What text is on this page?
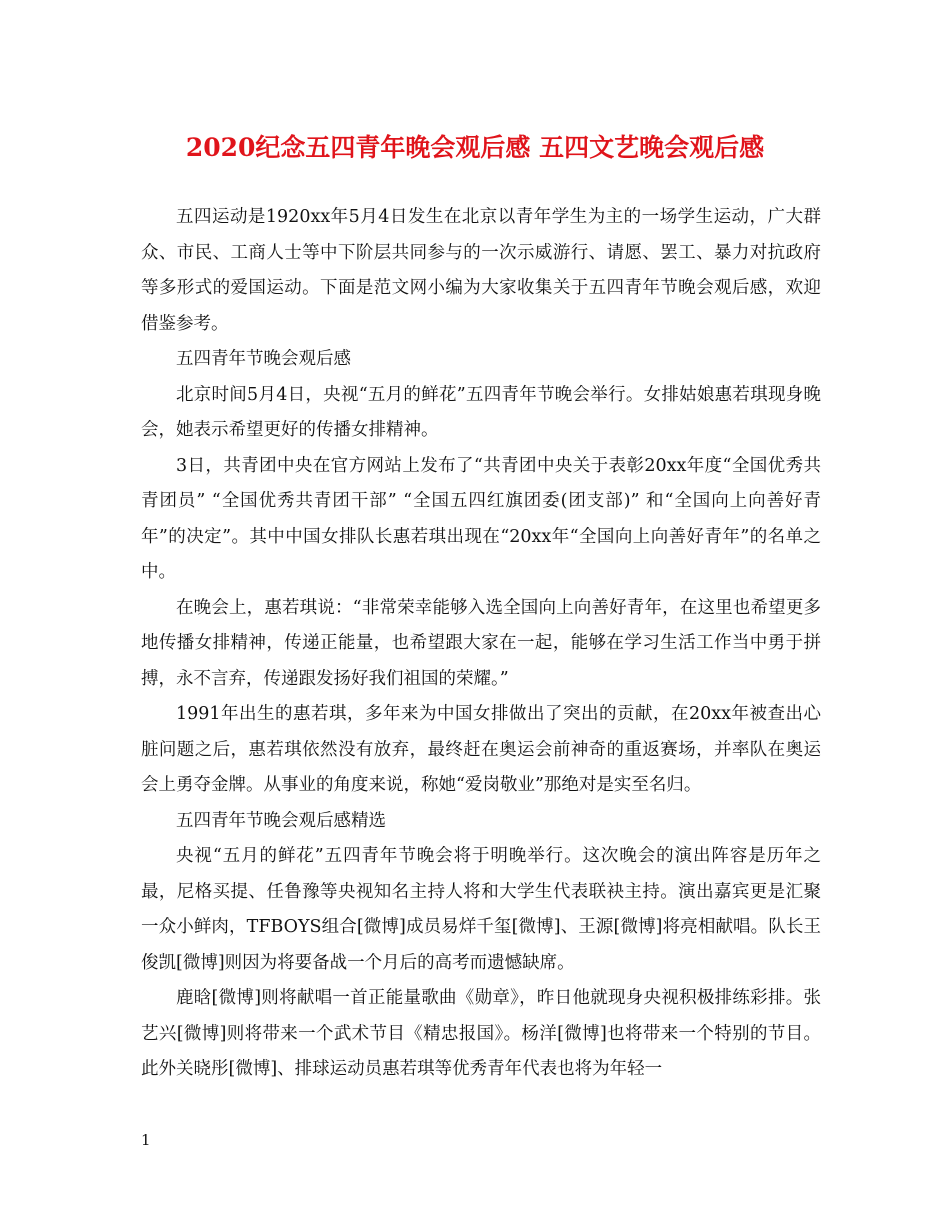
2020纪念五四青年晚会观后感 五四文艺晚会观后感

五四运动是1920xx年5月4日发生在北京以青年学生为主的一场学生运动，广大群众、市民、工商人士等中下阶层共同参与的一次示威游行、请愿、罢工、暴力对抗政府等多形式的爱国运动。下面是范文网小编为大家收集关于五四青年节晚会观后感，欢迎借鉴参考。

五四青年节晚会观后感

北京时间5月4日，央视“五月的鲜花”五四青年节晚会举行。女排姑娘惠若琪现身晚会，她表示希望更好的传播女排精神。

3日，共青团中央在官方网站上发布了“共青团中央关于表彰20xx年度“全国优秀共青团员” “全国优秀共青团干部” “全国五四红旗团委(团支部)” 和“全国向上向善好青年”的决定”。其中中国女排队长惠若琪出现在“20xx年“全国向上向善好青年”的名单之中。

在晚会上，惠若琪说：“非常荣幸能够入选全国向上向善好青年，在这里也希望更多地传播女排精神，传递正能量，也希望跟大家在一起，能够在学习生活工作当中勇于拼搏，永不言弃，传递跟发扬好我们祖国的荣耀。”

1991年出生的惠若琪，多年来为中国女排做出了突出的贡献，在20xx年被查出心脏问题之后，惠若琪依然没有放弃，最终赶在奥运会前神奇的重返赛场，并率队在奥运会上勇夺金牌。从事业的角度来说，称她“爱岗敬业”那绝对是实至名归。

五四青年节晚会观后感精选

央视“五月的鲜花”五四青年节晚会将于明晚举行。这次晚会的演出阵容是历年之最，尼格买提、任鲁豫等央视知名主持人将和大学生代表联袂主持。演出嘉宾更是汇聚一众小鲜肉，TFBOYS组合[微博]成员易烊千玺[微博]、王源[微博]将亮相献唱。队长王俊凯[微博]则因为将要备战一个月后的高考而遗憾缺席。

鹿晗[微博]则将献唱一首正能量歌曲《勋章》，昨日他就现身央视积极排练彩排。张艺兴[微博]则将带来一个武术节目《精忠报国》。杨洋[微博]也将带来一个特别的节目。此外关晓彤[微博]、排球运动员惠若琪等优秀青年代表也将为年轻一

1
